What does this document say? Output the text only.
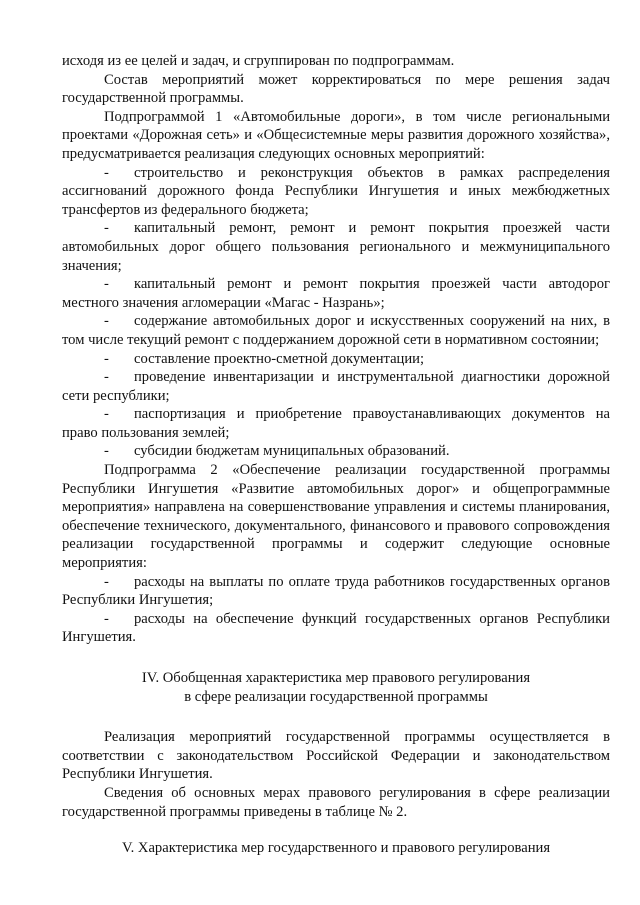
исходя из ее целей и задач, и сгруппирован по подпрограммам.

Состав мероприятий может корректироваться по мере решения задач государственной программы.

Подпрограммой 1 «Автомобильные дороги», в том числе региональными проектами «Дорожная сеть» и «Общесистемные меры развития дорожного хозяйства», предусматривается реализация следующих основных мероприятий:

- строительство и реконструкция объектов в рамках распределения ассигнований дорожного фонда Республики Ингушетия и иных межбюджетных трансфертов из федерального бюджета;

- капитальный ремонт, ремонт и ремонт покрытия проезжей части автомобильных дорог общего пользования регионального и межмуниципального значения;

- капитальный ремонт и ремонт покрытия проезжей части автодорог местного значения агломерации «Магас - Назрань»;

- содержание автомобильных дорог и искусственных сооружений на них, в том числе текущий ремонт с поддержанием дорожной сети в нормативном состоянии;

- составление проектно-сметной документации;

- проведение инвентаризации и инструментальной диагностики дорожной сети республики;

- паспортизация и приобретение правоустанавливающих документов на право пользования землей;

- субсидии бюджетам муниципальных образований.

Подпрограмма 2 «Обеспечение реализации государственной программы Республики Ингушетия «Развитие автомобильных дорог» и общепрограммные мероприятия» направлена на совершенствование управления и системы планирования, обеспечение технического, документального, финансового и правового сопровождения реализации государственной программы и содержит следующие основные мероприятия:

- расходы на выплаты по оплате труда работников государственных органов Республики Ингушетия;

- расходы на обеспечение функций государственных органов Республики Ингушетия.

IV. Обобщенная характеристика мер правового регулирования

в сфере реализации государственной программы

Реализация мероприятий государственной программы осуществляется в соответствии с законодательством Российской Федерации и законодательством Республики Ингушетия.

Сведения об основных мерах правового регулирования в сфере реализации государственной программы приведены в таблице № 2.

V. Характеристика мер государственного и правового регулирования
